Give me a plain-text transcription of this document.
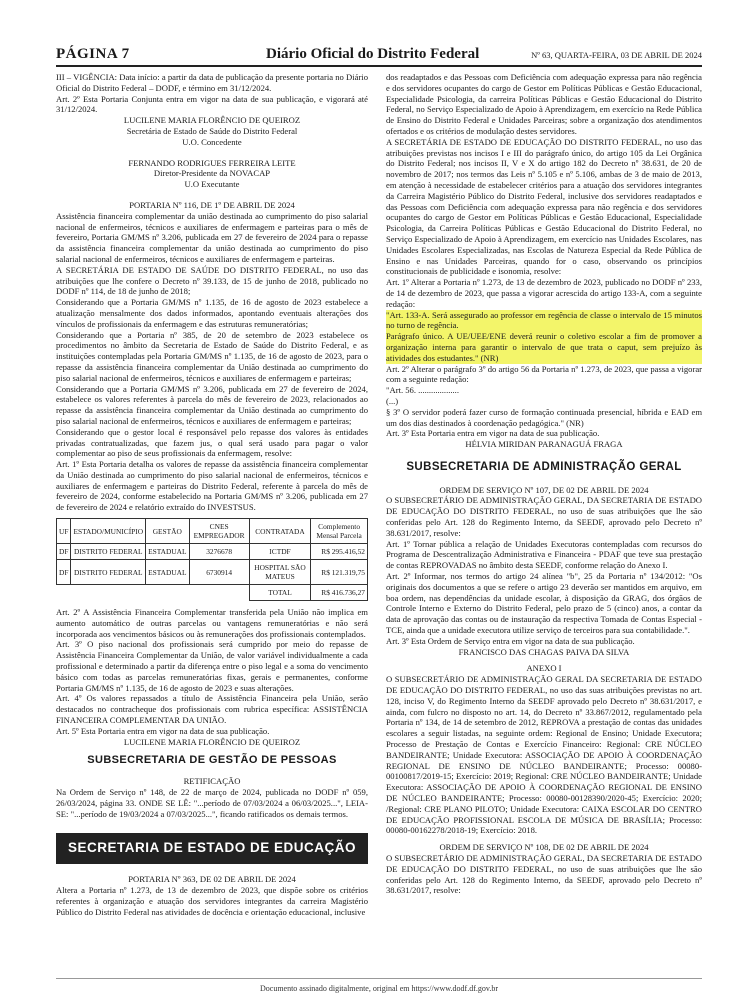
PÁGINA 7	Diário Oficial do Distrito Federal	Nº 63, QUARTA-FEIRA, 03 DE ABRIL DE 2024

III – VIGÊNCIA: Data início: a partir da data de publicação da presente portaria no Diário Oficial do Distrito Federal – DODF, e término em 31/12/2024.

Art. 2º Esta Portaria Conjunta entra em vigor na data de sua publicação, e vigorará até 31/12/2024.

LUCILENE MARIA FLORÊNCIO DE QUEIROZ

Secretária de Estado de Saúde do Distrito Federal

U.O. Concedente

FERNANDO RODRIGUES FERREIRA LEITE

Diretor-Presidente da NOVACAP

U.O Executante

PORTARIA Nº 116, DE 1º DE ABRIL DE 2024

Assistência financeira complementar da união destinada ao cumprimento do piso salarial nacional de enfermeiros, técnicos e auxiliares de enfermagem e parteiras para o mês de fevereiro, Portaria GM/MS nº 3.206, publicada em 27 de fevereiro de 2024 para o repasse da assistência financeira complementar da união destinada ao cumprimento do piso salarial nacional de enfermeiros, técnicos e auxiliares de enfermagem e parteiras.

A SECRETÁRIA DE ESTADO DE SAÚDE DO DISTRITO FEDERAL, no uso das atribuições que lhe confere o Decreto nº 39.133, de 15 de junho de 2018, publicado no DODF nº 114, de 18 de junho de 2018;

Considerando que a Portaria GM/MS nº 1.135, de 16 de agosto de 2023 estabelece a atualização mensalmente dos dados informados, apontando eventuais alterações dos vínculos de profissionais da enfermagem e das estruturas remuneratórias;

Considerando que a Portaria nº 385, de 20 de setembro de 2023 estabelece os procedimentos no âmbito da Secretaria de Estado de Saúde do Distrito Federal, e as instituições contempladas pela Portaria GM/MS nº 1.135, de 16 de agosto de 2023, para o repasse da assistência financeira complementar da União destinada ao cumprimento do piso salarial nacional de enfermeiros, técnicos e auxiliares de enfermagem e parteiras;

Considerando que a Portaria GM/MS nº 3.206, publicada em 27 de fevereiro de 2024, estabelece os valores referentes à parcela do mês de fevereiro de 2023, relacionados ao repasse da assistência financeira complementar da União destinada ao cumprimento do piso salarial nacional de enfermeiros, técnicos e auxiliares de enfermagem e parteiras;

Considerando que o gestor local é responsável pelo repasse dos valores às entidades privadas contratualizadas, que fazem jus, o qual será usado para pagar o valor complementar ao piso de seus profissionais da enfermagem, resolve:

Art. 1º Esta Portaria detalha os valores de repasse da assistência financeira complementar da União destinada ao cumprimento do piso salarial nacional de enfermeiros, técnicos e auxiliares de enfermagem e parteiras do Distrito Federal, referente à parcela do mês de fevereiro de 2024, conforme estabelecido na Portaria GM/MS nº 3.206, publicada em 27 de fevereiro de 2024 e relatório extraído do INVESTSUS.

UF	ESTADO/MUNICÍPIO	GESTÃO	CNES EMPREGADOR	CONTRATADA	Complemento Mensal Parcela
DF	DISTRITO FEDERAL	ESTADUAL	3276678	ICTDF	R$ 295.416,52
DF	DISTRITO FEDERAL	ESTADUAL	6730914	HOSPITAL SÃO MATEUS	R$ 121.319,75
				TOTAL	R$ 416.736,27

Art. 2º A Assistência Financeira Complementar transferida pela União não implica em aumento automático de outras parcelas ou vantagens remuneratórias e não será incorporada aos vencimentos básicos ou às remunerações dos profissionais contemplados.

Art. 3º O piso nacional dos profissionais será cumprido por meio do repasse de Assistência Financeira Complementar da União, de valor variável individualmente a cada profissional e determinado a partir da diferença entre o piso legal e a soma do vencimento básico com todas as parcelas remuneratórias fixas, gerais e permanentes, conforme Portaria GM/MS nº 1.135, de 16 de agosto de 2023 e suas alterações.

Art. 4º Os valores repassados a título de Assistência Financeira pela União, serão destacados no contracheque dos profissionais com rubrica específica: ASSISTÊNCIA FINANCEIRA COMPLEMENTAR DA UNIÃO.

Art. 5º Esta Portaria entra em vigor na data de sua publicação.

LUCILENE MARIA FLORÊNCIO DE QUEIROZ

SUBSECRETARIA DE GESTÃO DE PESSOAS

RETIFICAÇÃO

Na Ordem de Serviço nº 148, de 22 de março de 2024, publicada no DODF nº 059, 26/03/2024, página 33. ONDE SE LÊ: "...período de 07/03/2024 a 06/03/2025...", LEIA-SE: "...período de 19/03/2024 a 07/03/2025...", ficando ratificados os demais termos.

SECRETARIA DE ESTADO DE EDUCAÇÃO

PORTARIA Nº 363, DE 02 DE ABRIL DE 2024

Altera a Portaria nº 1.273, de 13 de dezembro de 2023, que dispõe sobre os critérios referentes à organização e atuação dos servidores integrantes da carreira Magistério Público do Distrito Federal nas atividades de docência e orientação educacional, inclusive

dos readaptados e das Pessoas com Deficiência com adequação expressa para não regência e dos servidores ocupantes do cargo de Gestor em Políticas Públicas e Gestão Educacional, Especialidade Psicologia, da carreira Políticas Públicas e Gestão Educacional do Distrito Federal, no Serviço Especializado de Apoio à Aprendizagem, em exercício na Rede Pública de Ensino do Distrito Federal e Unidades Parceiras; sobre a organização dos atendimentos ofertados e os critérios de modulação destes servidores.

A SECRETÁRIA DE ESTADO DE EDUCAÇÃO DO DISTRITO FEDERAL, no uso das atribuições previstas nos incisos I e III do parágrafo único, do artigo 105 da Lei Orgânica do Distrito Federal; nos incisos II, V e X do artigo 182 do Decreto nº 38.631, de 20 de novembro de 2017; nos termos das Leis nº 5.105 e nº 5.106, ambas de 3 de maio de 2013, em atenção à necessidade de estabelecer critérios para a atuação dos servidores integrantes da Carreira Magistério Público do Distrito Federal, inclusive dos servidores readaptados e das Pessoas com Deficiência com adequação expressa para não regência e dos servidores ocupantes do cargo de Gestor em Políticas Públicas e Gestão Educacional, Especialidade Psicologia, da Carreira Políticas Públicas e Gestão Educacional do Distrito Federal, no Serviço Especializado de Apoio à Aprendizagem, em exercício nas Unidades Escolares, nas Unidades Escolares Especializadas, nas Escolas de Natureza Especial da Rede Pública de Ensino e nas Unidades Parceiras, quando for o caso, observando os princípios constitucionais de publicidade e isonomia, resolve:

Art. 1º Alterar a Portaria nº 1.273, de 13 de dezembro de 2023, publicado no DODF nº 233, de 14 de dezembro de 2023, que passa a vigorar acrescida do artigo 133-A, com a seguinte redação:

"Art. 133-A. Será assegurado ao professor em regência de classe o intervalo de 15 minutos no turno de regência.

Parágrafo único. A UE/UEE/ENE deverá reunir o coletivo escolar a fim de promover a organização interna para garantir o intervalo de que trata o caput, sem prejuízo às atividades dos estudantes." (NR)

Art. 2º Alterar o parágrafo 3º do artigo 56 da Portaria nº 1.273, de 2023, que passa a vigorar com a seguinte redação:

"Art. 56. ...................

(...)

§ 3º O servidor poderá fazer curso de formação continuada presencial, híbrida e EAD em um dos dias destinados à coordenação pedagógica." (NR)

Art. 3º Esta Portaria entra em vigor na data de sua publicação.

HÉLVIA MIRIDAN PARANAGUÁ FRAGA

SUBSECRETARIA DE ADMINISTRAÇÃO GERAL

ORDEM DE SERVIÇO Nº 107, DE 02 DE ABRIL DE 2024

O SUBSECRETÁRIO DE ADMINISTRAÇÃO GERAL, DA SECRETARIA DE ESTADO DE EDUCAÇÃO DO DISTRITO FEDERAL, no uso de suas atribuições que lhe são conferidas pelo Art. 128 do Regimento Interno, da SEEDF, aprovado pelo Decreto nº 38.631/2017, resolve:

Art. 1º Tornar pública a relação de Unidades Executoras contempladas com recursos do Programa de Descentralização Administrativa e Financeira - PDAF que teve sua prestação de contas REPROVADAS no âmbito desta SEEDF, conforme relação do Anexo I.

Art. 2º Informar, nos termos do artigo 24 alínea "b", 25 da Portaria nº 134/2012: "Os originais dos documentos a que se refere o artigo 23 deverão ser mantidos em arquivo, em boa ordem, nas dependências da unidade escolar, à disposição da GRAG, dos órgãos de Controle Interno e Externo do Distrito Federal, pelo prazo de 5 (cinco) anos, a contar da data de aprovação das contas ou de instauração da respectiva Tomada de Contas Especial - TCE, ainda que a unidade executora utilize serviço de terceiros para sua contabilidade.".

Art. 3º Esta Ordem de Serviço entra em vigor na data de sua publicação.

FRANCISCO DAS CHAGAS PAIVA DA SILVA

ANEXO I

O SUBSECRETÁRIO DE ADMINISTRAÇÃO GERAL DA SECRETARIA DE ESTADO DE EDUCAÇÃO DO DISTRITO FEDERAL, no uso das suas atribuições previstas no art. 128, inciso V, do Regimento Interno da SEEDF aprovado pelo Decreto nº 38.631/2017, e ainda, com fulcro no disposto no art. 14, do Decreto nº 33.867/2012, regulamentado pela Portaria nº 134, de 14 de setembro de 2012, REPROVA a prestação de contas das unidades escolares a seguir listadas, na seguinte ordem: Regional de Ensino; Unidade Executora; Processo de Prestação de Contas e Exercício Financeiro: Regional: CRE NÚCLEO BANDEIRANTE; Unidade Executora: ASSOCIAÇÃO DE APOIO À COORDENAÇÃO REGIONAL DE ENSINO DE NÚCLEO BANDEIRANTE; Processo: 00080-00100817/2019-15; Exercício: 2019; Regional: CRE NÚCLEO BANDEIRANTE; Unidade Executora: ASSOCIAÇÃO DE APOIO À COORDENAÇÃO REGIONAL DE ENSINO DE NÚCLEO BANDEIRANTE; Processo: 00080-00128390/2020-45; Exercício: 2020; /Regional: CRE PLANO PILOTO; Unidade Executora: CAIXA ESCOLAR DO CENTRO DE EDUCAÇÃO PROFISSIONAL ESCOLA DE MÚSICA DE BRASÍLIA; Processo: 00080-00162278/2018-19; Exercício: 2018.

ORDEM DE SERVIÇO Nº 108, DE 02 DE ABRIL DE 2024

O SUBSECRETÁRIO DE ADMINISTRAÇÃO GERAL, DA SECRETARIA DE ESTADO DE EDUCAÇÃO DO DISTRITO FEDERAL, no uso de suas atribuições que lhe são conferidas pelo Art. 128 do Regimento Interno, da SEEDF, aprovado pelo Decreto nº 38.631/2017, resolve:

Documento assinado digitalmente, original em https://www.dodf.df.gov.br
